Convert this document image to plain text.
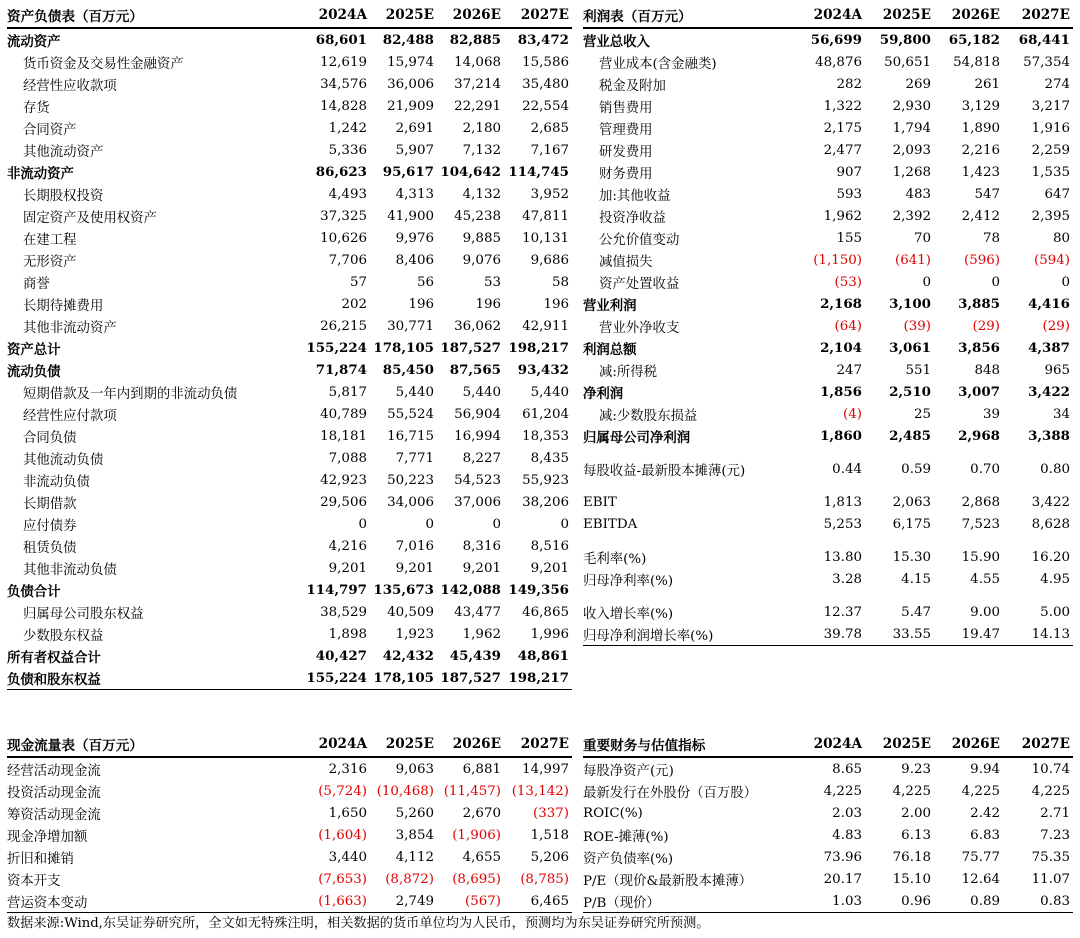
资产负债表（百万元）	2024A	2025E	2026E	2027E
流动资产	68,601	82,488	82,885	83,472
货币资金及交易性金融资产	12,619	15,974	14,068	15,586
经营性应收款项	34,576	36,006	37,214	35,480
存货	14,828	21,909	22,291	22,554
合同资产	1,242	2,691	2,180	2,685
其他流动资产	5,336	5,907	7,132	7,167
非流动资产	86,623	95,617	104,642	114,745
长期股权投资	4,493	4,313	4,132	3,952
固定资产及使用权资产	37,325	41,900	45,238	47,811
在建工程	10,626	9,976	9,885	10,131
无形资产	7,706	8,406	9,076	9,686
商誉	57	56	53	58
长期待摊费用	202	196	196	196
其他非流动资产	26,215	30,771	36,062	42,911
资产总计	155,224	178,105	187,527	198,217
流动负债	71,874	85,450	87,565	93,432
短期借款及一年内到期的非流动负债	5,817	5,440	5,440	5,440
经营性应付款项	40,789	55,524	56,904	61,204
合同负债	18,181	16,715	16,994	18,353
其他流动负债	7,088	7,771	8,227	8,435
非流动负债	42,923	50,223	54,523	55,923
长期借款	29,506	34,006	37,006	38,206
应付债券	0	0	0	0
租赁负债	4,216	7,016	8,316	8,516
其他非流动负债	9,201	9,201	9,201	9,201
负债合计	114,797	135,673	142,088	149,356
归属母公司股东权益	38,529	40,509	43,477	46,865
少数股东权益	1,898	1,923	1,962	1,996
所有者权益合计	40,427	42,432	45,439	48,861
负债和股东权益	155,224	178,105	187,527	198,217
利润表（百万元）	2024A	2025E	2026E	2027E
营业总收入	56,699	59,800	65,182	68,441
营业成本(含金融类)	48,876	50,651	54,818	57,354
税金及附加	282	269	261	274
销售费用	1,322	2,930	3,129	3,217
管理费用	2,175	1,794	1,890	1,916
研发费用	2,477	2,093	2,216	2,259
财务费用	907	1,268	1,423	1,535
加:其他收益	593	483	547	647
投资净收益	1,962	2,392	2,412	2,395
公允价值变动	155	70	78	80
减值损失	(1,150)	(641)	(596)	(594)
资产处置收益	(53)	0	0	0
营业利润	2,168	3,100	3,885	4,416
营业外净收支	(64)	(39)	(29)	(29)
利润总额	2,104	3,061	3,856	4,387
减:所得税	247	551	848	965
净利润	1,856	2,510	3,007	3,422
减:少数股东损益	(4)	25	39	34
归属母公司净利润	1,860	2,485	2,968	3,388

每股收益-最新股本摊薄(元)	0.44	0.59	0.70	0.80

EBIT	1,813	2,063	2,868	3,422
EBITDA	5,253	6,175	7,523	8,628

毛利率(%)	13.80	15.30	15.90	16.20
归母净利率(%)	3.28	4.15	4.55	4.95

收入增长率(%)	12.37	5.47	9.00	5.00
归母净利润增长率(%)	39.78	33.55	19.47	14.13
现金流量表（百万元）	2024A	2025E	2026E	2027E
经营活动现金流	2,316	9,063	6,881	14,997
投资活动现金流	(5,724)	(10,468)	(11,457)	(13,142)
筹资活动现金流	1,650	5,260	2,670	(337)
现金净增加额	(1,604)	3,854	(1,906)	1,518
折旧和摊销	3,440	4,112	4,655	5,206
资本开支	(7,653)	(8,872)	(8,695)	(8,785)
营运资本变动	(1,663)	2,749	(567)	6,465
重要财务与估值指标	2024A	2025E	2026E	2027E
每股净资产(元)	8.65	9.23	9.94	10.74
最新发行在外股份（百万股）	4,225	4,225	4,225	4,225
ROIC(%)	2.03	2.00	2.42	2.71
ROE-摊薄(%)	4.83	6.13	6.83	7.23
资产负债率(%)	73.96	76.18	75.77	75.35
P/E（现价&最新股本摊薄）	20.17	15.10	12.64	11.07
P/B（现价）	1.03	0.96	0.89	0.83
数据来源:Wind,东吴证券研究所，全文如无特殊注明，相关数据的货币单位均为人民币，预测均为东吴证券研究所预测。
